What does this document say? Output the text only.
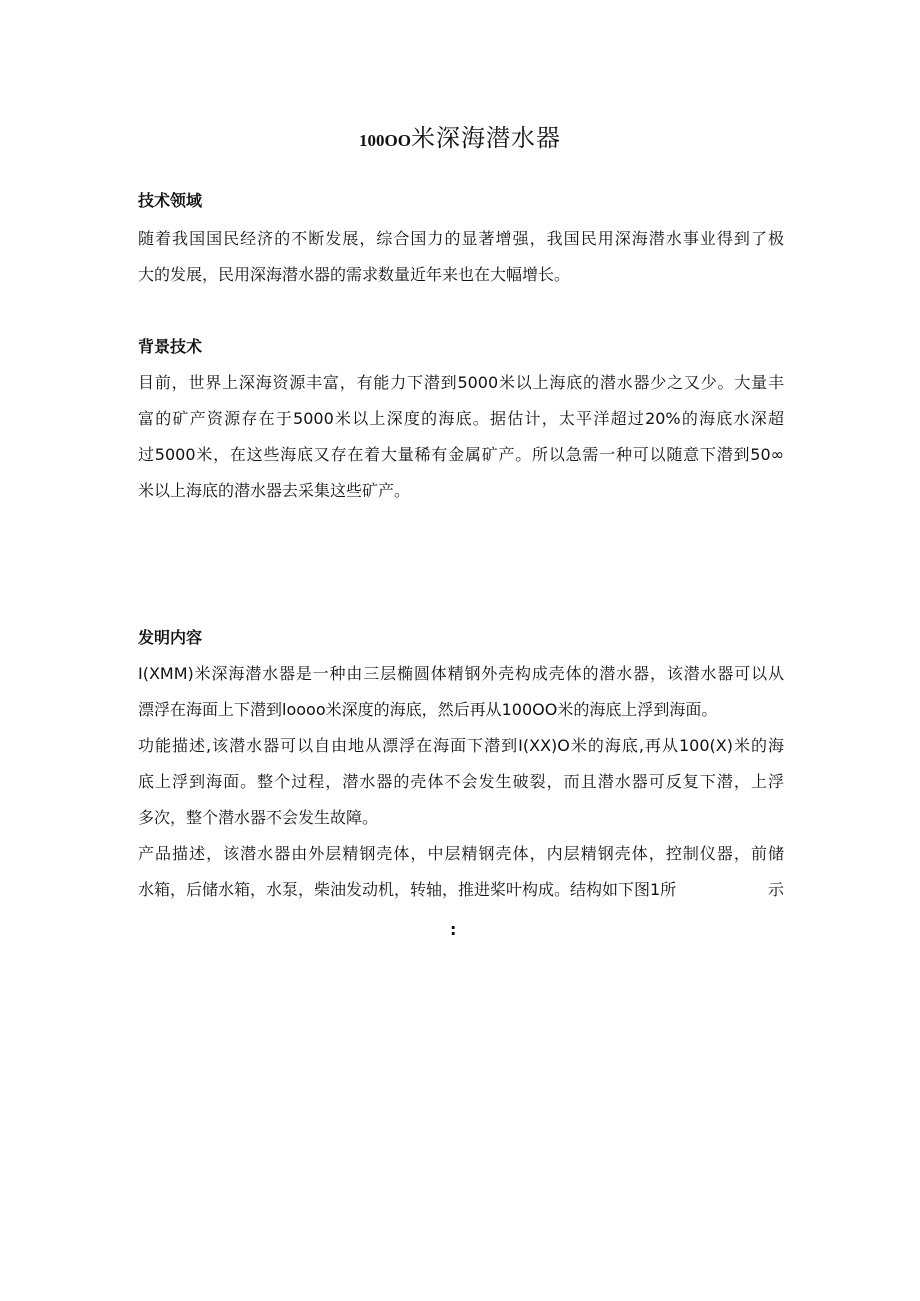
100OO米深海潜水器
技术领域
随着我国国民经济的不断发展，综合国力的显著增强，我国民用深海潜水事业得到了极
大的发展，民用深海潜水器的需求数量近年来也在大幅增长。
背景技术
目前，世界上深海资源丰富，有能力下潜到5000米以上海底的潜水器少之又少。大量丰
富的矿产资源存在于5000米以上深度的海底。据估计，太平洋超过20%的海底水深超
过5000米，在这些海底又存在着大量稀有金属矿产。所以急需一种可以随意下潜到50∞
米以上海底的潜水器去采集这些矿产。
发明内容
I(XMM)米深海潜水器是一种由三层椭圆体精钢外壳构成壳体的潜水器，该潜水器可以从
漂浮在海面上下潜到loooo米深度的海底，然后再从100OO米的海底上浮到海面。
功能描述,该潜水器可以自由地从漂浮在海面下潜到I(XX)O米的海底,再从100(X)米的海
底上浮到海面。整个过程，潜水器的壳体不会发生破裂，而且潜水器可反复下潜，上浮
多次，整个潜水器不会发生故障。
产品描述，该潜水器由外层精钢壳体，中层精钢壳体，内层精钢壳体，控制仪器，前储
水箱，后储水箱，水泵，柴油发动机，转轴，推进桨叶构成。结构如下图1所	示

:
